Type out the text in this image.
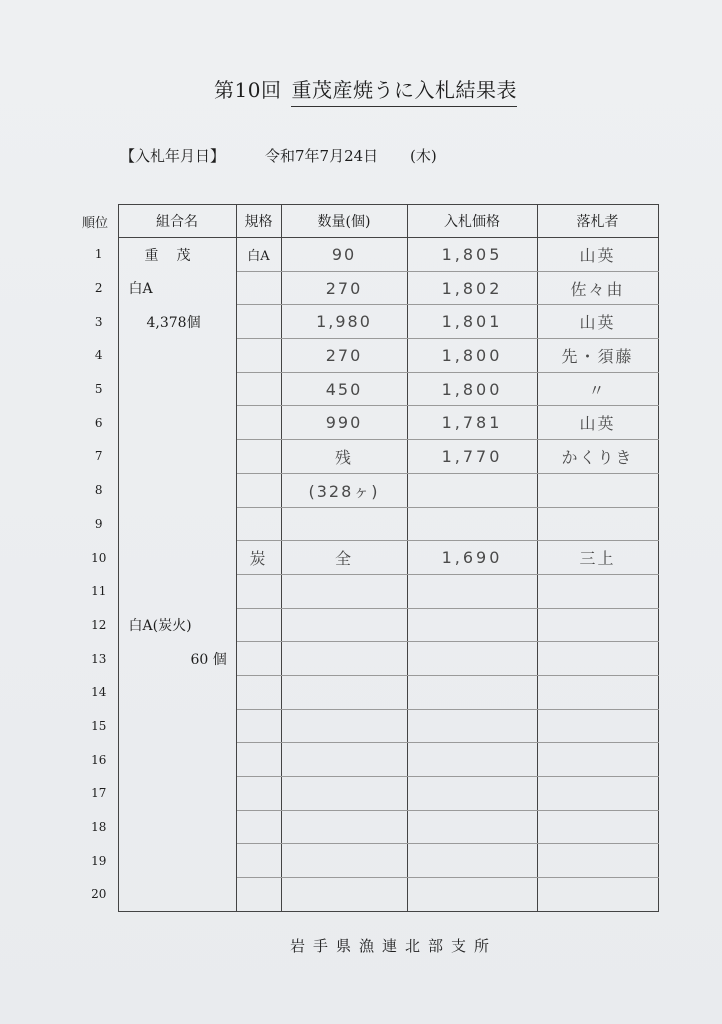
第10回 重茂産焼うに入札結果表
【入札年月日】	令和7年7月24日 (木)
順位	組合名	規格	数量(個)	入札価格	落札者
1	重茂	白A	90	1,805	山英
2	白A		270	1,802	佐々由
3	4,378個		1,980	1,801	山英
4			270	1,800	先・須藤
5			450	1,800	〃
6			990	1,781	山英
7			残	1,770	かくりき
8			(328ヶ)		
9					
10		炭	全	1,690	三上
11					
12	白A(炭火)				

13	60 個				

14					
15					
16					
17					
18					
19					
20					
岩手県漁連北部支所
